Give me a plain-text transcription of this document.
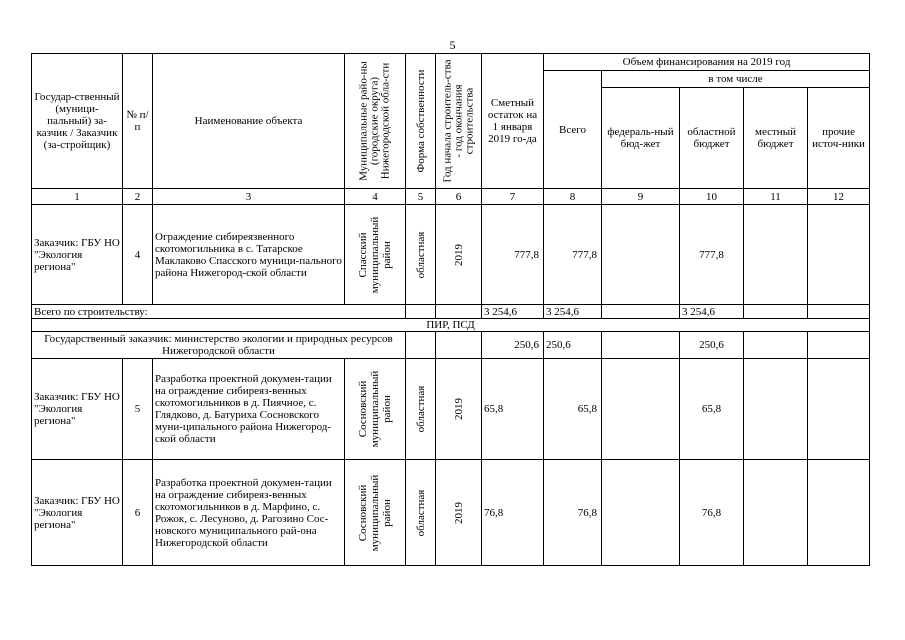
5
Государ-ственный (муници-пальный) за-казчик / Заказчик (за-стройщик)	№ п/п	Наименование объекта	Муниципальные райо-ны (городские округа) Нижегородской обла-сти	Форма собственности	Год начала строитель-ства - год окончания строительства	Сметный остаток на 1 января 2019 го-да	Объем финансирования на 2019 год				
							Всего	в том числе			
								федераль-ный бюд-жет	областной бюджет	местный бюджет	прочие источ-ники
1	2	3	4	5	6	7	8	9	10	11	12
Заказчик: ГБУ НО "Экология региона"	4	Ограждение сибиреязвенного скотомогильника в с. Татарское Маклаково Спасского муници-пального района Нижегород-ской области	Спасский муниципальный район	областная	2019	777,8	777,8		777,8		
Всего по строительству:						3 254,6	3 254,6		3 254,6		
ПИР, ПСД											
Государственный заказчик: министерство экологии и природных ресурсов Нижегородской области						250,6	250,6		250,6		
Заказчик: ГБУ НО "Экология региона"	5	Разработка проектной докумен-тации на ограждение сибиреяз-венных скотомогильников в д. Пиячное, с. Глядково, д. Батуриха Сосновского муни-ципального района Нижегород-ской области	Сосновский муниципальный район	областная	2019	65,8	65,8		65,8		
Заказчик: ГБУ НО "Экология региона"	6	Разработка проектной докумен-тации на ограждение сибиреяз-венных скотомогильников в д. Марфино, с. Рожок, с. Лесуново, д. Рагозино Сос-новского муниципального рай-она Нижегородской области	Сосновский муниципальный район	областная	2019	76,8	76,8		76,8		
